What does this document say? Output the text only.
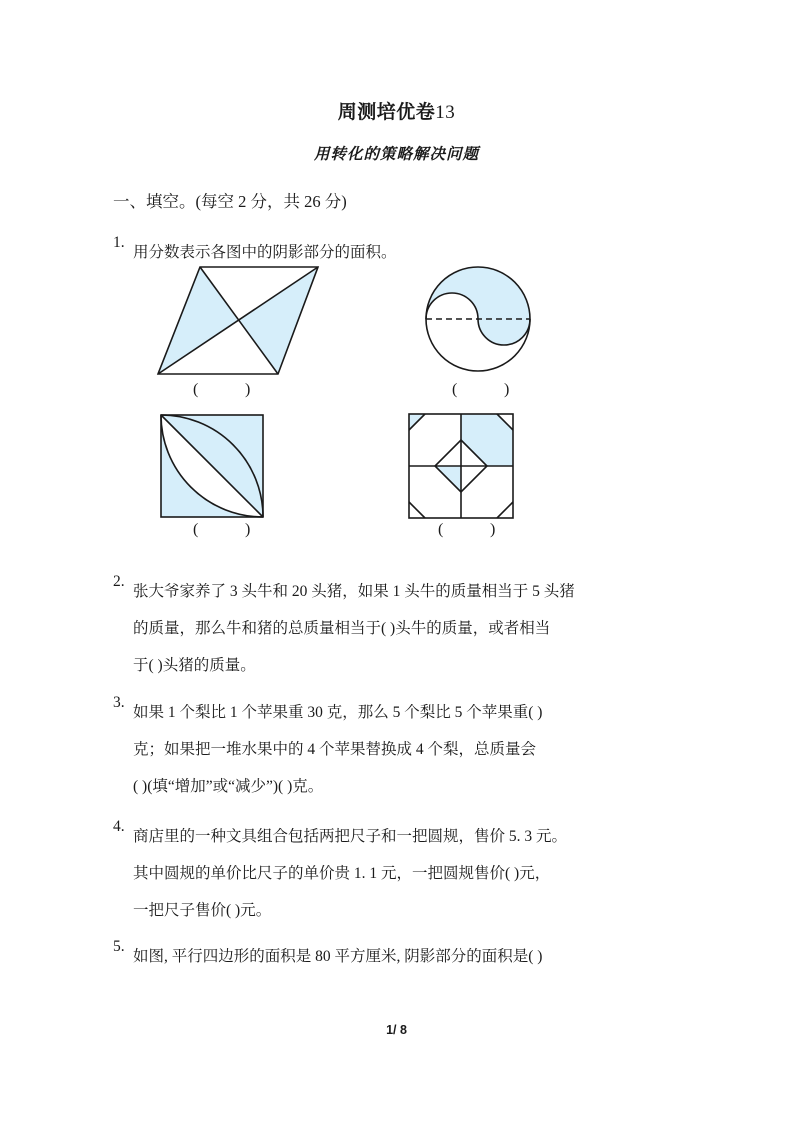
周测培优卷13
用转化的策略解决问题
一、填空。(每空 2 分，共 26 分)
1.
用分数表示各图中的阴影部分的面积。
(	)	(	)
(	)	(	)
2.
张大爷家养了 3 头牛和 20 头猪，如果 1 头牛的质量相当于 5 头猪
的质量，那么牛和猪的总质量相当于( )头牛的质量，或者相当
于( )头猪的质量。
3.
如果 1 个梨比 1 个苹果重 30 克，那么 5 个梨比 5 个苹果重( )
克；如果把一堆水果中的 4 个苹果替换成 4 个梨，总质量会
( )(填“增加”或“减少”)( )克。
4.
商店里的一种文具组合包括两把尺子和一把圆规，售价 5. 3 元。
其中圆规的单价比尺子的单价贵 1. 1 元，一把圆规售价( )元，
一把尺子售价( )元。
5.
如图, 平行四边形的面积是 80 平方厘米, 阴影部分的面积是( )
1/ 8
